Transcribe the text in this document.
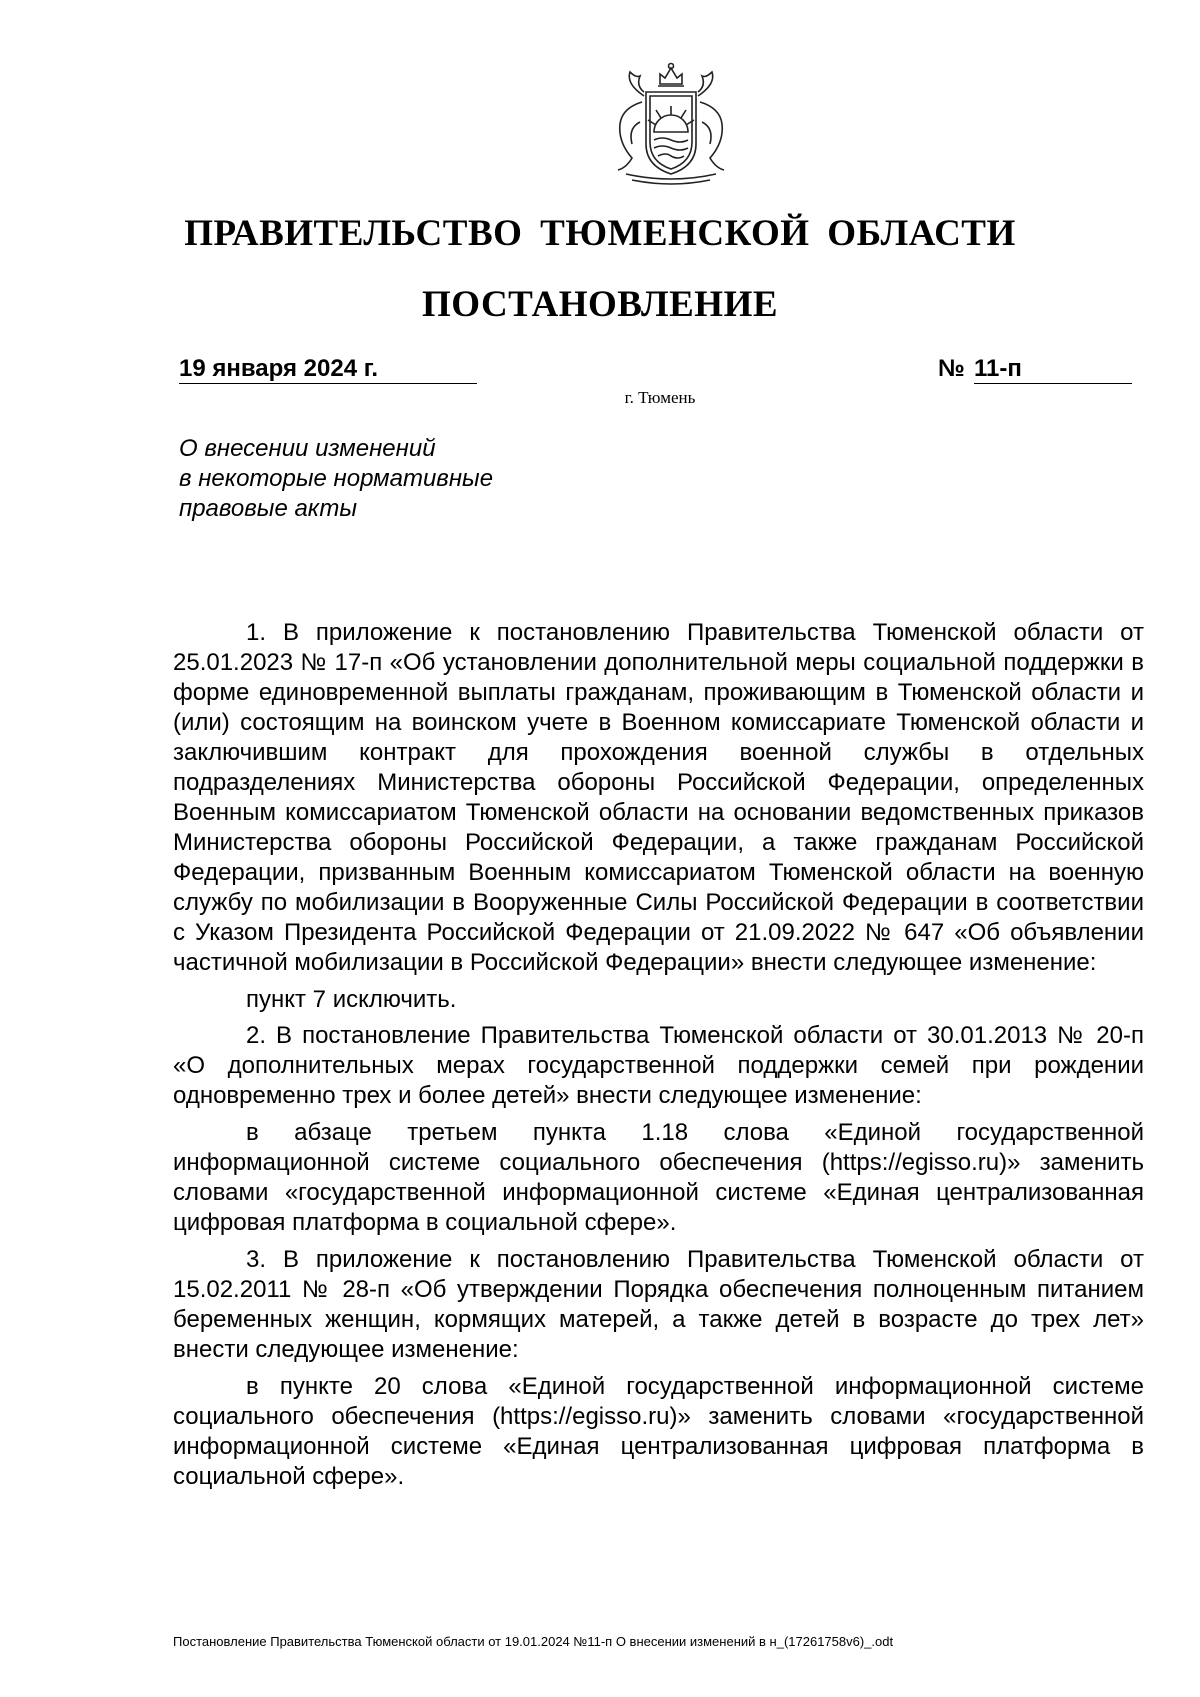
ПРАВИТЕЛЬСТВО ТЮМЕНСКОЙ ОБЛАСТИ
ПОСТАНОВЛЕНИЕ
19 января 2024 г.	№ 11-п
г. Тюмень
О внесении изменений
в некоторые нормативные
правовые акты

1. В приложение к постановлению Правительства Тюменской области от 25.01.2023 № 17-п «Об установлении дополнительной меры социальной поддержки в форме единовременной выплаты гражданам, проживающим в Тюменской области и (или) состоящим на воинском учете в Военном комиссариате Тюменской области и заключившим контракт для прохождения военной службы в отдельных подразделениях Министерства обороны Российской Федерации, определенных Военным комиссариатом Тюменской области на основании ведомственных приказов Министерства обороны Российской Федерации, а также гражданам Российской Федерации, призванным Военным комиссариатом Тюменской области на военную службу по мобилизации в Вооруженные Силы Российской Федерации в соответствии с Указом Президента Российской Федерации от 21.09.2022 № 647 «Об объявлении частичной мобилизации в Российской Федерации» внести следующее изменение:

пункт 7 исключить.

2. В постановление Правительства Тюменской области от 30.01.2013 № 20-п «О дополнительных мерах государственной поддержки семей при рождении одновременно трех и более детей» внести следующее изменение:

в абзаце третьем пункта 1.18 слова «Единой государственной информационной системе социального обеспечения (https://egisso.ru)» заменить словами «государственной информационной системе «Единая централизованная цифровая платформа в социальной сфере».

3. В приложение к постановлению Правительства Тюменской области от 15.02.2011 № 28-п «Об утверждении Порядка обеспечения полноценным питанием беременных женщин, кормящих матерей, а также детей в возрасте до трех лет» внести следующее изменение:

в пункте 20 слова «Единой государственной информационной системе социального обеспечения (https://egisso.ru)» заменить словами «государственной информационной системе «Единая централизованная цифровая платформа в социальной сфере».

Постановление Правительства Тюменской области от 19.01.2024 №11-п О внесении изменений в н_(17261758v6)_.odt
